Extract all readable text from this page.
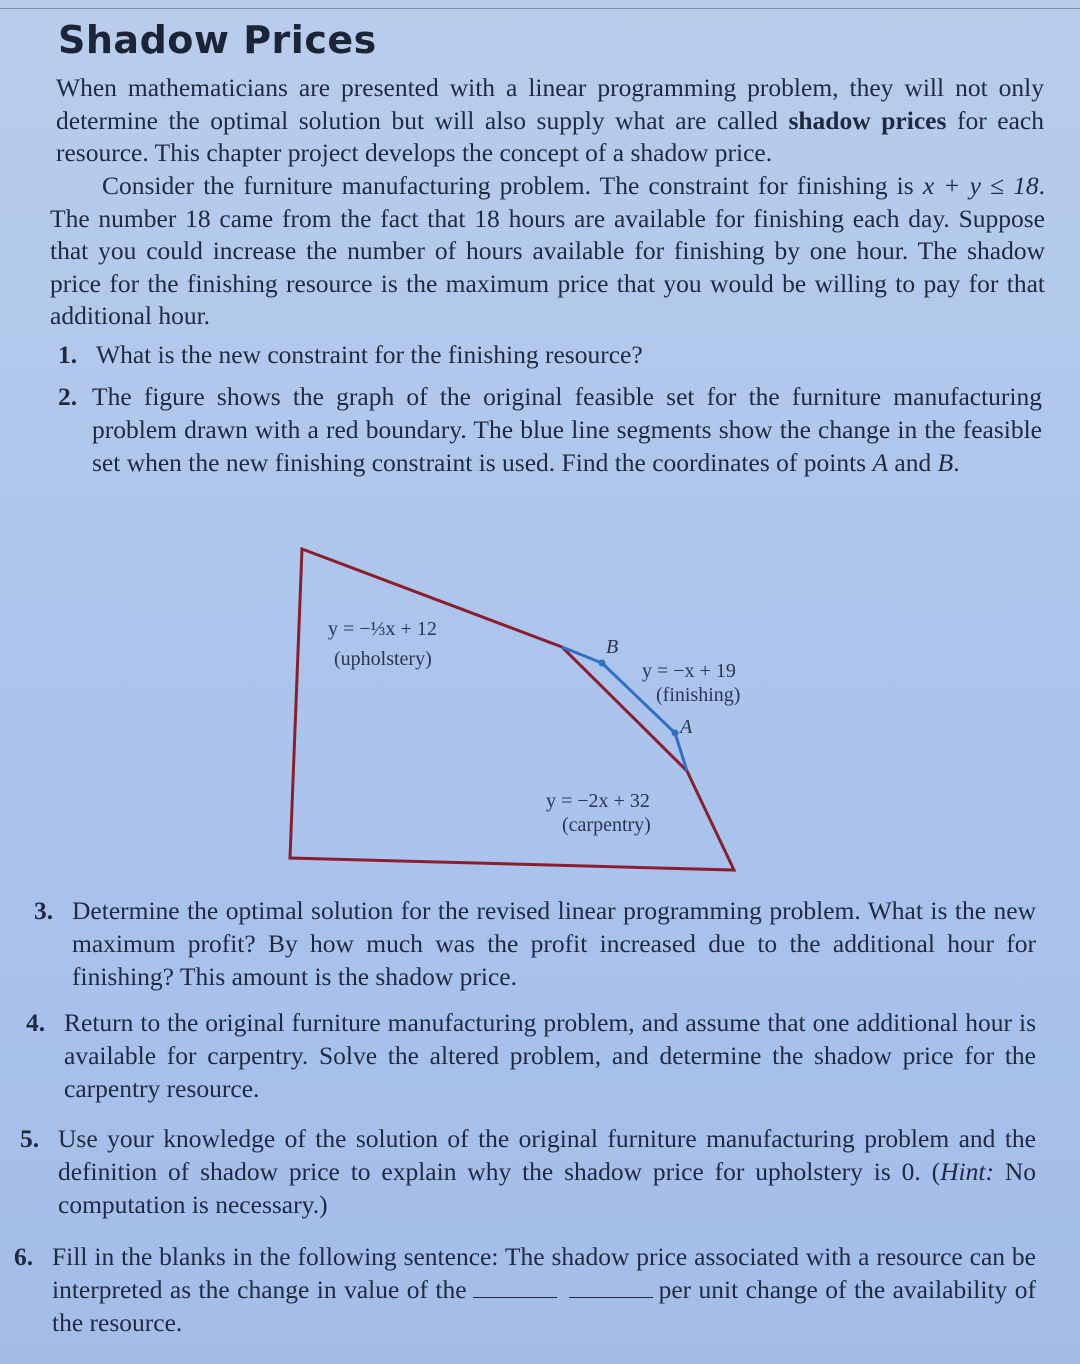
Shadow Prices

When mathematicians are presented with a linear programming problem, they will not only determine the optimal solution but will also supply what are called shadow prices for each resource. This chapter project develops the concept of a shadow price.

Consider the furniture manufacturing problem. The constraint for finishing is x + y ≤ 18. The number 18 came from the fact that 18 hours are available for finishing each day. Suppose that you could increase the number of hours available for finishing by one hour. The shadow price for the finishing resource is the maximum price that you would be willing to pay for that additional hour.

1. What is the new constraint for the finishing resource?
2. The figure shows the graph of the original feasible set for the furniture manufacturing problem drawn with a red boundary. The blue line segments show the change in the feasible set when the new finishing constraint is used. Find the coordinates of points A and B.
y = −⅓x + 12
(upholstery)
B
y = −x + 19
(finishing)
A
y = −2x + 32
(carpentry)
3. Determine the optimal solution for the revised linear programming problem. What is the new maximum profit? By how much was the profit increased due to the additional hour for finishing? This amount is the shadow price.
4. Return to the original furniture manufacturing problem, and assume that one additional hour is available for carpentry. Solve the altered problem, and determine the shadow price for the carpentry resource.
5. Use your knowledge of the solution of the original furniture manufacturing problem and the definition of shadow price to explain why the shadow price for upholstery is 0. (Hint: No computation is necessary.)
6. Fill in the blanks in the following sentence: The shadow price associated with a resource can be interpreted as the change in value of the	per unit change of the availability of the resource.
